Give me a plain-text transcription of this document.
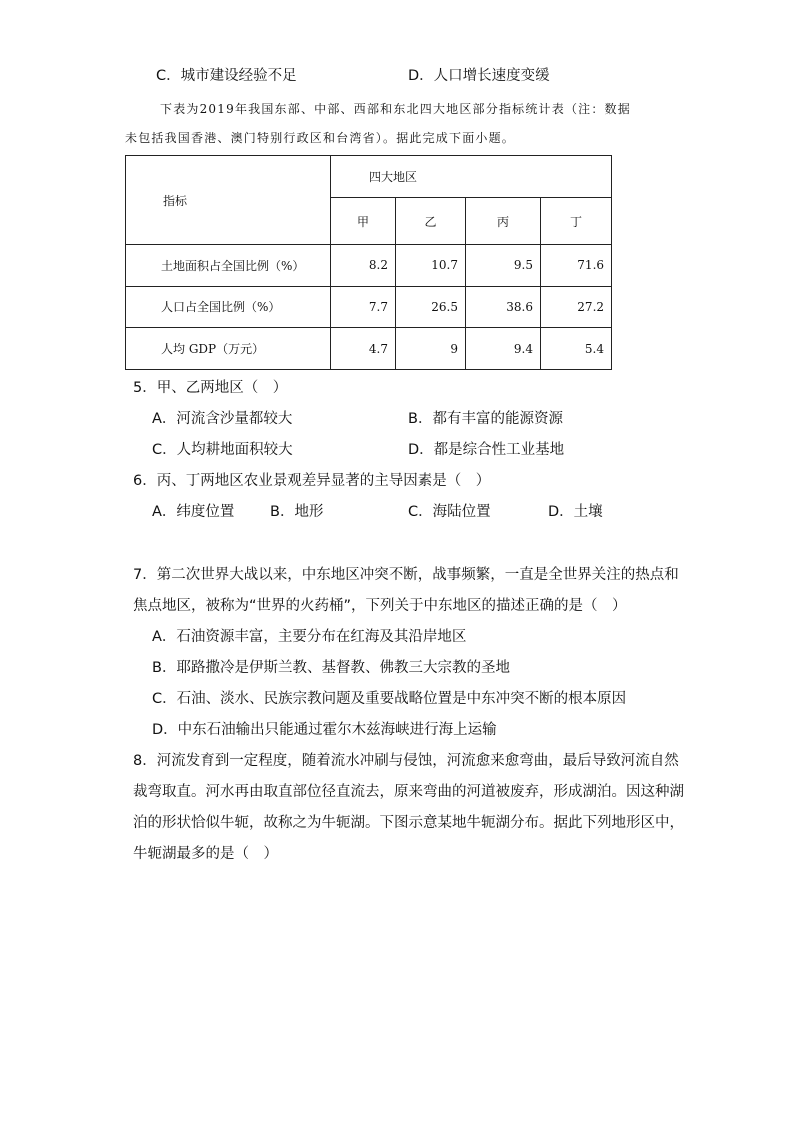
C．城市建设经验不足	D．人口增长速度变缓
下表为2019年我国东部、中部、西部和东北四大地区部分指标统计表（注：数据
未包括我国香港、澳门特别行政区和台湾省）。据此完成下面小题。
指标	四大地区			
	甲	乙	丙	丁
土地面积占全国比例（%）	8.2	10.7	9.5	71.6
人口占全国比例（%）	7.7	26.5	38.6	27.2
人均 GDP（万元）	4.7	9	9.4	5.4
5．甲、乙两地区（　）
A．河流含沙量都较大	B．都有丰富的能源资源
C．人均耕地面积较大	D．都是综合性工业基地
6．丙、丁两地区农业景观差异显著的主导因素是（　）
A．纬度位置 B．地形	C．海陆位置	D．土壤
7．第二次世界大战以来，中东地区冲突不断，战事频繁，一直是全世界关注的热点和
焦点地区，被称为“世界的火药桶”，下列关于中东地区的描述正确的是（　）
A．石油资源丰富，主要分布在红海及其沿岸地区
B．耶路撒冷是伊斯兰教、基督教、佛教三大宗教的圣地
C．石油、淡水、民族宗教问题及重要战略位置是中东冲突不断的根本原因
D．中东石油输出只能通过霍尔木兹海峡进行海上运输
8．河流发育到一定程度，随着流水冲刷与侵蚀，河流愈来愈弯曲，最后导致河流自然
裁弯取直。河水再由取直部位径直流去，原来弯曲的河道被废弃，形成湖泊。因这种湖
泊的形状恰似牛轭，故称之为牛轭湖。下图示意某地牛轭湖分布。据此下列地形区中，
牛轭湖最多的是（　）
